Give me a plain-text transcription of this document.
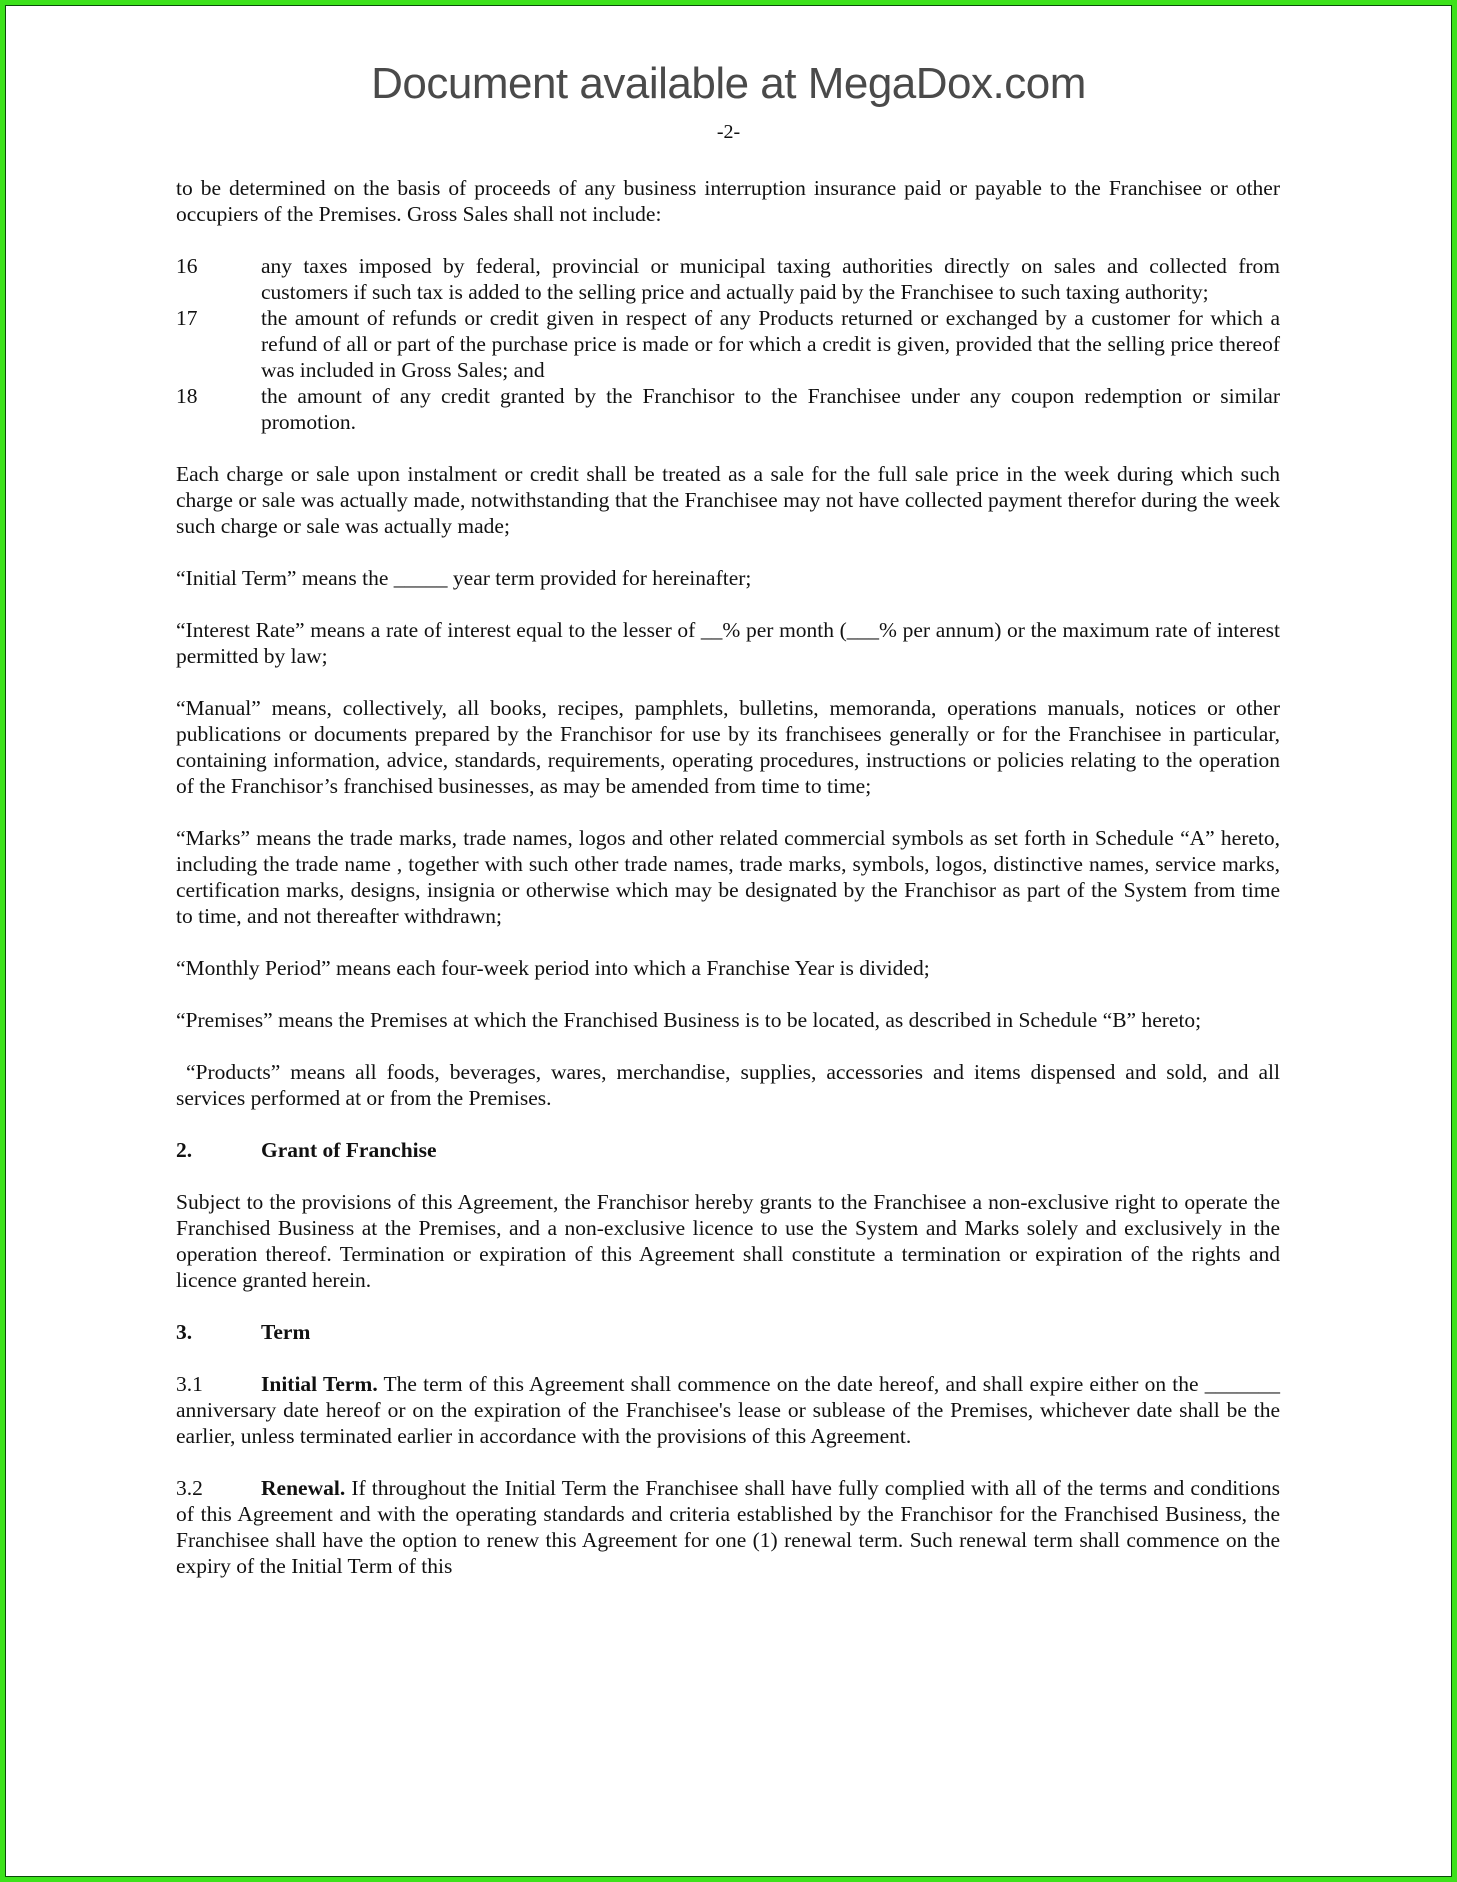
Document available at MegaDox.com
-2-

to be determined on the basis of proceeds of any business interruption insurance paid or payable to the Franchisee or other occupiers of the Premises. Gross Sales shall not include:

16	any taxes imposed by federal, provincial or municipal taxing authorities directly on sales and collected from customers if such tax is added to the selling price and actually paid by the Franchisee to such taxing authority;
17	the amount of refunds or credit given in respect of any Products returned or exchanged by a customer for which a refund of all or part of the purchase price is made or for which a credit is given, provided that the selling price thereof was included in Gross Sales; and
18	the amount of any credit granted by the Franchisor to the Franchisee under any coupon redemption or similar promotion.

Each charge or sale upon instalment or credit shall be treated as a sale for the full sale price in the week during which such charge or sale was actually made, notwithstanding that the Franchisee may not have collected payment therefor during the week such charge or sale was actually made;

“Initial Term” means the _____ year term provided for hereinafter;

“Interest Rate” means a rate of interest equal to the lesser of __% per month (___% per annum) or the maximum rate of interest permitted by law;

“Manual” means, collectively, all books, recipes, pamphlets, bulletins, memoranda, operations manuals, notices or other publications or documents prepared by the Franchisor for use by its franchisees generally or for the Franchisee in particular, containing information, advice, standards, requirements, operating procedures, instructions or policies relating to the operation of the Franchisor’s franchised businesses, as may be amended from time to time;

“Marks” means the trade marks, trade names, logos and other related commercial symbols as set forth in Schedule “A” hereto, including the trade name , together with such other trade names, trade marks, symbols, logos, distinctive names, service marks, certification marks, designs, insignia or otherwise which may be designated by the Franchisor as part of the System from time to time, and not thereafter withdrawn;

“Monthly Period” means each four-week period into which a Franchise Year is divided;

“Premises” means the Premises at which the Franchised Business is to be located, as described in Schedule “B” hereto;

“Products” means all foods, beverages, wares, merchandise, supplies, accessories and items dispensed and sold, and all services performed at or from the Premises.

2.	Grant of Franchise

Subject to the provisions of this Agreement, the Franchisor hereby grants to the Franchisee a non-exclusive right to operate the Franchised Business at the Premises, and a non-exclusive licence to use the System and Marks solely and exclusively in the operation thereof. Termination or expiration of this Agreement shall constitute a termination or expiration of the rights and licence granted herein.

3.	Term

3.1	Initial Term. The term of this Agreement shall commence on the date hereof, and shall expire either on the _______ anniversary date hereof or on the expiration of the Franchisee's lease or sublease of the Premises, whichever date shall be the earlier, unless terminated earlier in accordance with the provisions of this Agreement.

3.2	Renewal. If throughout the Initial Term the Franchisee shall have fully complied with all of the terms and conditions of this Agreement and with the operating standards and criteria established by the Franchisor for the Franchised Business, the Franchisee shall have the option to renew this Agreement for one (1) renewal term. Such renewal term shall commence on the expiry of the Initial Term of this
